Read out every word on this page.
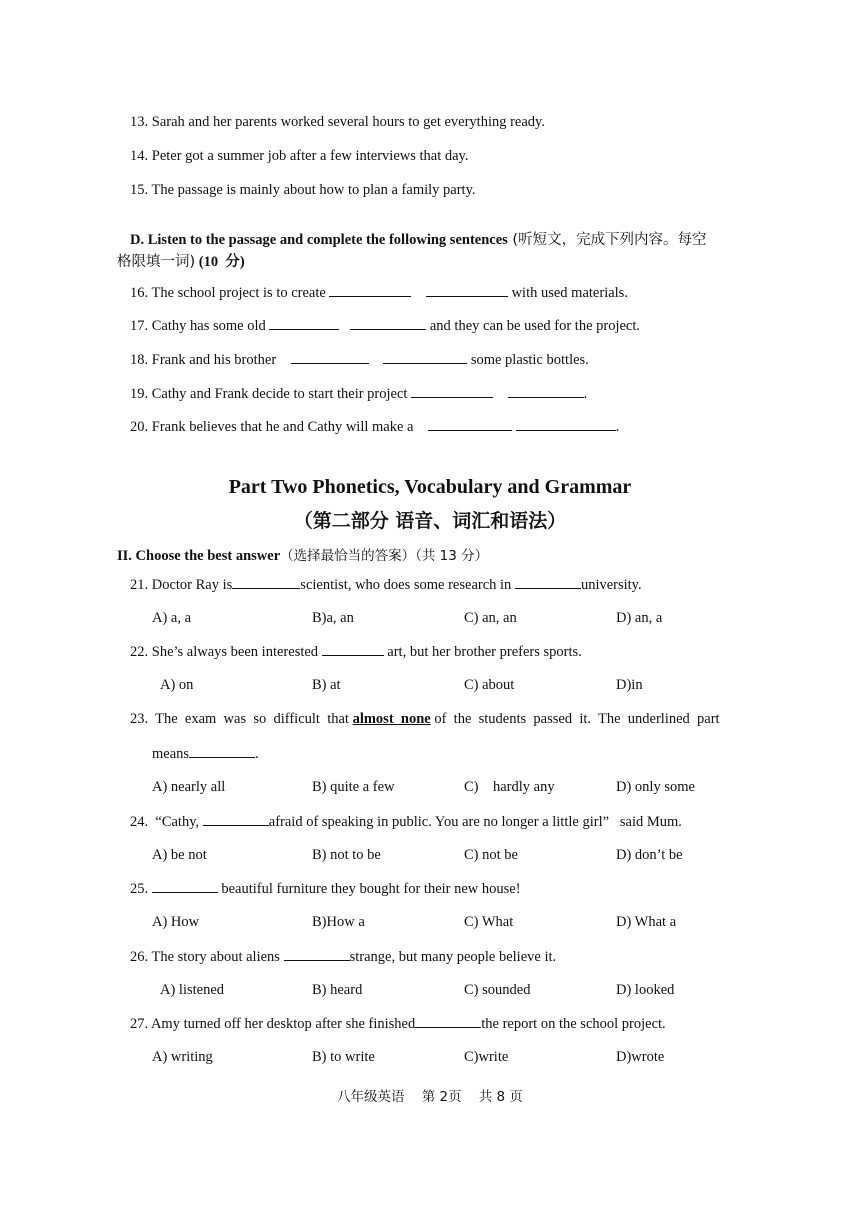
13. Sarah and her parents worked several hours to get everything ready.
14. Peter got a summer job after a few interviews that day.
15. The passage is mainly about how to plan a family party.
D. Listen to the passage and complete the following sentences (听短文，完成下列内容。每空
格限填一词) (10  分)
16. The school project is to create	with used materials.
17. Cathy has some old	and they can be used for the project.
18. Frank and his brother	some plastic bottles.
19. Cathy and Frank decide to start their project	.
20. Frank believes that he and Cathy will make a	.
Part Two Phonetics, Vocabulary and Grammar
（第二部分 语音、词汇和语法）
II. Choose the best answer（选择最恰当的答案）（共 13 分）
21. Doctor Ray is	scientist, who does some research in	university.
A) a, a	B)a, an	C) an, an	D) an, a
22. She’s always been interested	art, but her brother prefers sports.
A) on	B) at	C) about	D)in
23.  The  exam  was  so  difficult  that almost  none of  the  students  passed  it.  The  underlined  part
means	.
A) nearly all	B) quite a few	C)    hardly any	D) only some
24.  “Cathy,	afraid of speaking in public. You are no longer a little girl”   said Mum.
A) be not	B) not to be	C) not be	D) don’t be
25.	beautiful furniture they bought for their new house!
A) How	B)How a	C) What	D) What a
26. The story about aliens	strange, but many people believe it.
A) listened	B) heard	C) sounded	D) looked
27. Amy turned off her desktop after she finished	the report on the school project.
A) writing	B) to write	C)write	D)wrote
八年级英语    第 2页    共 8 页
